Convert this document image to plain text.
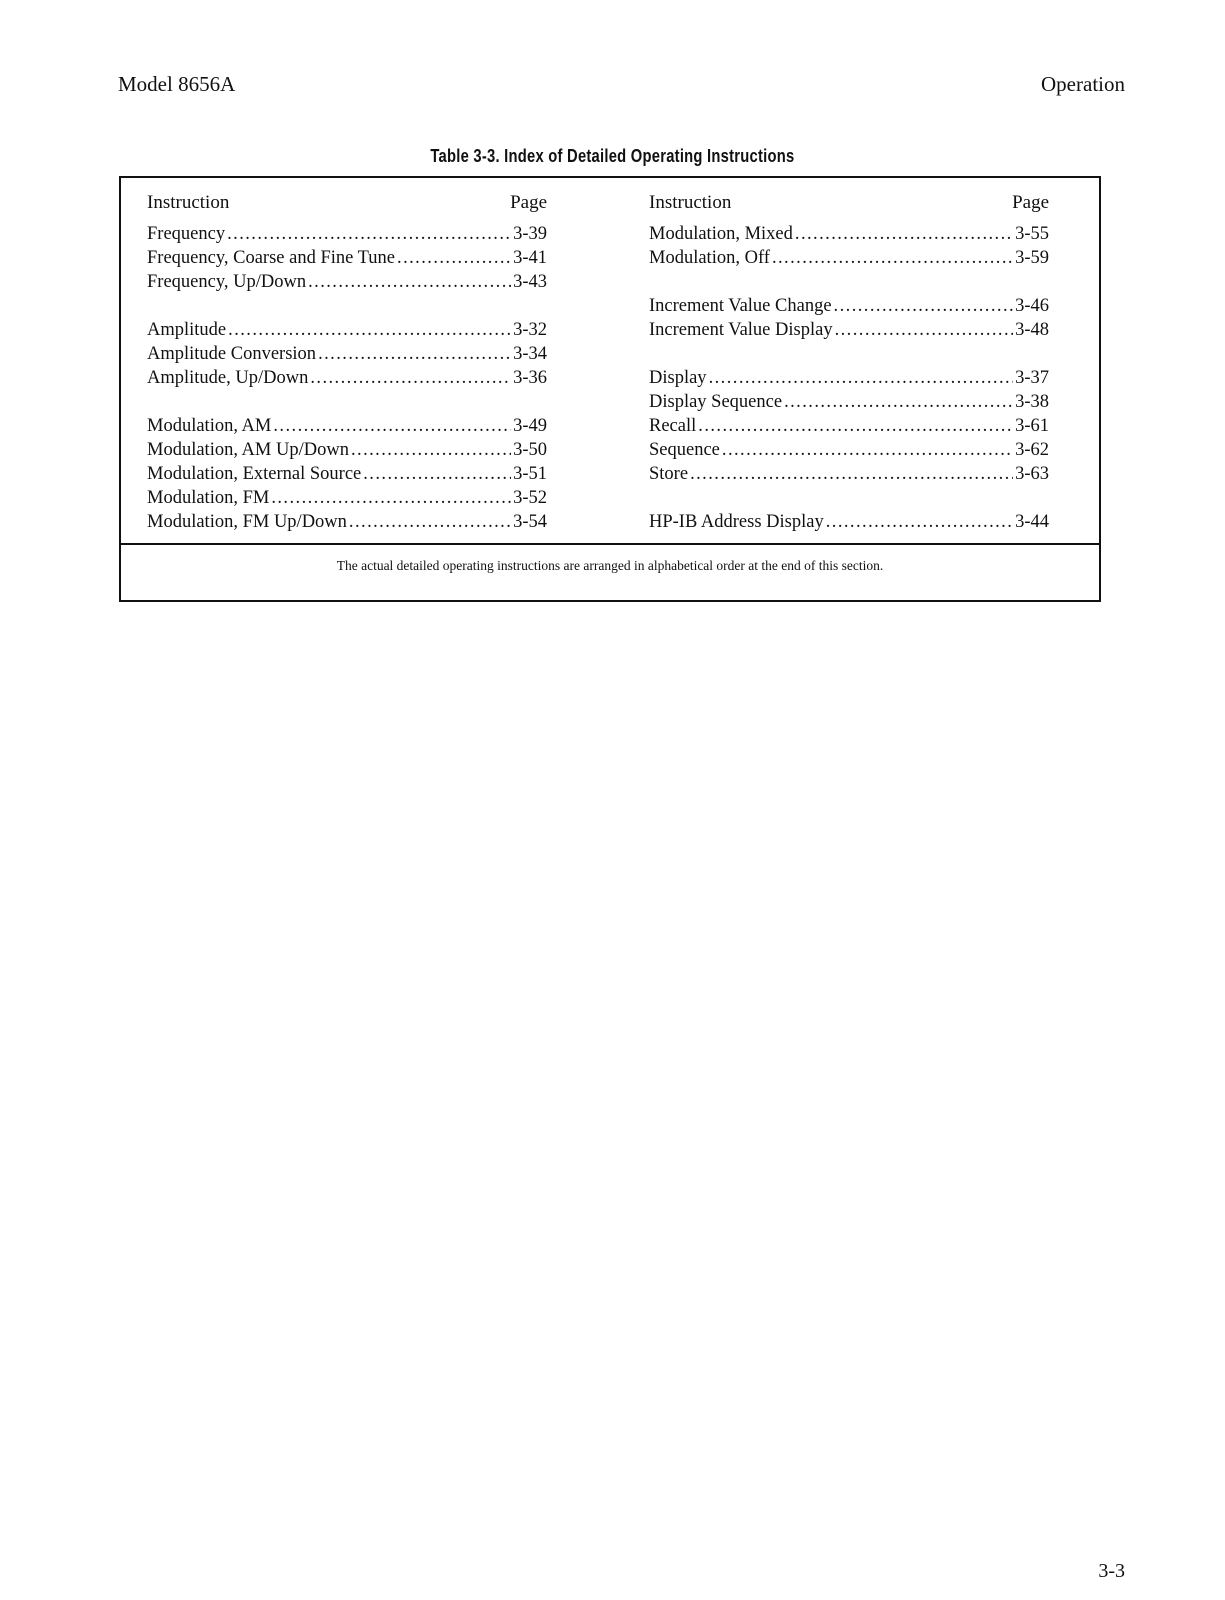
Model 8656A	Operation
Table 3-3. Index of Detailed Operating Instructions
Instruction	Page
Frequency . . .	3-39
Frequency, Coarse and Fine Tune . . .	3-41
Frequency, Up/Down . . .	3-43
Amplitude . . .	3-32
Amplitude Conversion . . .	3-34
Amplitude, Up/Down . . .	3-36
Modulation, AM . . .	3-49
Modulation, AM Up/Down . . .	3-50
Modulation, External Source . . .	3-51
Modulation, FM . . .	3-52
Modulation, FM Up/Down . . .	3-54
Instruction	Page
Modulation, Mixed . . .	3-55
Modulation, Off . . .	3-59
Increment Value Change . . .	3-46
Increment Value Display . . .	3-48
Display . . .	3-37
Display Sequence . . .	3-38
Recall . . .	3-61
Sequence . . .	3-62
Store . . .	3-63
HP-IB Address Display . . .	3-44
The actual detailed operating instructions are arranged in alphabetical order at the end of this section.
3-3
